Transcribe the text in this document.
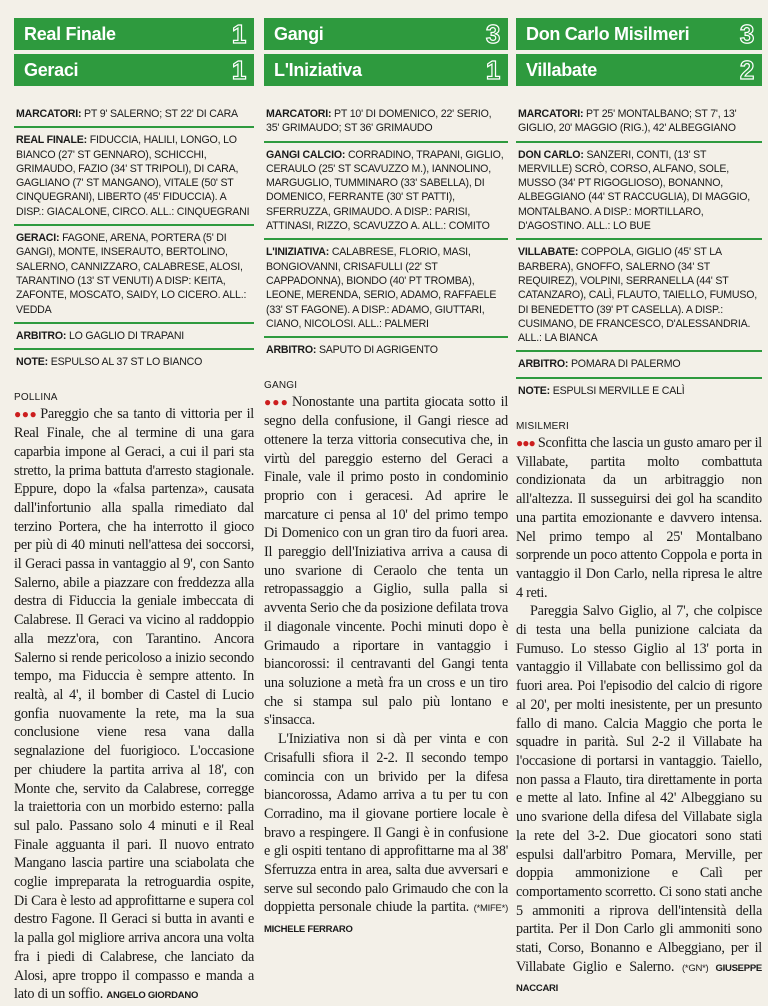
Real Finale	1
Geraci	1
MARCATORI: PT 9' SALERNO; ST 22' DI CARA
REAL FINALE: FIDUCCIA, HALILI, LONGO, LO BIANCO (27' ST GENNARO), SCHICCHI, GRIMAUDO, FAZIO (34' ST TRIPOLI), DI CARA, GAGLIANO (7' ST MANGANO), VITALE (50' ST CINQUEGRANI), LIBERTO (45' FIDUCCIA). A DISP.: GIACALONE, CIRCO. ALL.: CINQUEGRANI
GERACI: FAGONE, ARENA, PORTERA (5' DI GANGI), MONTE, INSERAUTO, BERTOLINO, SALERNO, CANNIZZARO, CALABRESE, ALOSI, TARANTINO (13' ST VENUTI) A DISP: KEITA, ZAFONTE, MOSCATO, SAIDY, LO CICERO. ALL.: VEDDA
ARBITRO: LO GAGLIO DI TRAPANI
NOTE: ESPULSO AL 37 ST LO BIANCO
POLLINA

●●● Pareggio che sa tanto di vittoria per il Real Finale, che al termine di una gara caparbia impone al Geraci, a cui il pari sta stretto, la prima battuta d'arresto stagionale. Eppure, dopo la «falsa partenza», causata dall'infortunio alla spalla rimediato dal terzino Portera, che ha interrotto il gioco per più di 40 minuti nell'attesa dei soccorsi, il Geraci passa in vantaggio al 9', con Santo Salerno, abile a piazzare con freddezza alla destra di Fiduccia la geniale imbeccata di Calabrese. Il Geraci va vicino al raddoppio alla mezz'ora, con Tarantino. Ancora Salerno si rende pericoloso a inizio secondo tempo, ma Fiduccia è sempre attento. In realtà, al 4', il bomber di Castel di Lucio gonfia nuovamente la rete, ma la sua conclusione viene resa vana dalla segnalazione del fuorigioco. L'occasione per chiudere la partita arriva al 18', con Monte che, servito da Calabrese, corregge la traiettoria con un morbido esterno: palla sul palo. Passano solo 4 minuti e il Real Finale agguanta il pari. Il nuovo entrato Mangano lascia partire una sciabolata che coglie impreparata la retroguardia ospite, Di Cara è lesto ad approfittarne e supera col destro Fagone. Il Geraci si butta in avanti e la palla gol migliore arriva ancora una volta fra i piedi di Calabrese, che lanciato da Alosi, apre troppo il compasso e manda a lato di un soffio. ANGELO GIORDANO

Gangi	3
L'Iniziativa	1
MARCATORI: PT 10' DI DOMENICO, 22' SERIO, 35' GRIMAUDO; ST 36' GRIMAUDO
GANGI CALCIO: CORRADINO, TRAPANI, GIGLIO, CERAULO (25' ST SCAVUZZO M.), IANNOLINO, MARGUGLIO, TUMMINARO (33' SABELLA), DI DOMENICO, FERRANTE (30' ST PATTI), SFERRUZZA, GRIMAUDO. A DISP.: PARISI, ATTINASI, RIZZO, SCAVUZZO A. ALL.: COMITO
L'INIZIATIVA: CALABRESE, FLORIO, MASI, BONGIOVANNI, CRISAFULLI (22' ST CAPPADONNA), BIONDO (40' PT TROMBA), LEONE, MERENDA, SERIO, ADAMO, RAFFAELE (33' ST FAGONE). A DISP.: ADAMO, GIUTTARI, CIANO, NICOLOSI. ALL.: PALMERI
ARBITRO: SAPUTO DI AGRIGENTO
GANGI

●●● Nonostante una partita giocata sotto il segno della confusione, il Gangi riesce ad ottenere la terza vittoria consecutiva che, in virtù del pareggio esterno del Geraci a Finale, vale il primo posto in condominio proprio con i geracesi. Ad aprire le marcature ci pensa al 10' del primo tempo Di Domenico con un gran tiro da fuori area. Il pareggio dell'Iniziativa arriva a causa di uno svarione di Ceraolo che tenta un retropassaggio a Giglio, sulla palla si avventa Serio che da posizione defilata trova il diagonale vincente. Pochi minuti dopo è Grimaudo a riportare in vantaggio i biancorossi: il centravanti del Gangi tenta una soluzione a metà fra un cross e un tiro che si stampa sul palo più lontano e s'insacca.

L'Iniziativa non si dà per vinta e con Crisafulli sfiora il 2-2. Il secondo tempo comincia con un brivido per la difesa biancorossa, Adamo arriva a tu per tu con Corradino, ma il giovane portiere locale è bravo a respingere. Il Gangi è in confusione e gli ospiti tentano di approfittarne ma al 38' Sferruzza entra in area, salta due avversari e serve sul secondo palo Grimaudo che con la doppietta personale chiude la partita. (*MIFE*) MICHELE FERRARO

Don Carlo Misilmeri 3
Villabate	2
MARCATORI: PT 25' MONTALBANO; ST 7', 13' GIGLIO, 20' MAGGIO (RIG.), 42' ALBEGGIANO
DON CARLO: SANZERI, CONTI, (13' ST MERVILLE) SCRÒ, CORSO, ALFANO, SOLE, MUSSO (34' PT RIGOGLIOSO), BONANNO, ALBEGGIANO (44' ST RACCUGLIA), DI MAGGIO, MONTALBANO. A DISP.: MORTILLARO, D'AGOSTINO. ALL.: LO BUE
VILLABATE: COPPOLA, GIGLIO (45' ST LA BARBERA), GNOFFO, SALERNO (34' ST REQUIREZ), VOLPINI, SERRANELLA (44' ST CATANZARO), CALÌ, FLAUTO, TAIELLO, FUMUSO, DI BENEDETTO (39' PT CASELLA). A DISP.: CUSIMANO, DE FRANCESCO, D'ALESSANDRIA. ALL.: LA BIANCA
ARBITRO: POMARA DI PALERMO
NOTE: ESPULSI MERVILLE E CALÌ
MISILMERI

●●● Sconfitta che lascia un gusto amaro per il Villabate, partita molto combattuta condizionata da un arbitraggio non all'altezza. Il susseguirsi dei gol ha scandito una partita emozionante e davvero intensa. Nel primo tempo al 25' Montalbano sorprende un poco attento Coppola e porta in vantaggio il Don Carlo, nella ripresa le altre 4 reti.

Pareggia Salvo Giglio, al 7', che colpisce di testa una bella punizione calciata da Fumuso. Lo stesso Giglio al 13' porta in vantaggio il Villabate con bellissimo gol da fuori area. Poi l'episodio del calcio di rigore al 20', per molti inesistente, per un presunto fallo di mano. Calcia Maggio che porta le squadre in parità. Sul 2-2 il Villabate ha l'occasione di portarsi in vantaggio. Taiello, non passa a Flauto, tira direttamente in porta e mette al lato. Infine al 42' Albeggiano su uno svarione della difesa del Villabate sigla la rete del 3-2. Due giocatori sono stati espulsi dall'arbitro Pomara, Merville, per doppia ammonizione e Calì per comportamento scorretto. Ci sono stati anche 5 ammoniti a riprova dell'intensità della partita. Per il Don Carlo gli ammoniti sono stati, Corso, Bonanno e Albeggiano, per il Villabate Giglio e Salerno. (*GN*) GIUSEPPE NACCARI
